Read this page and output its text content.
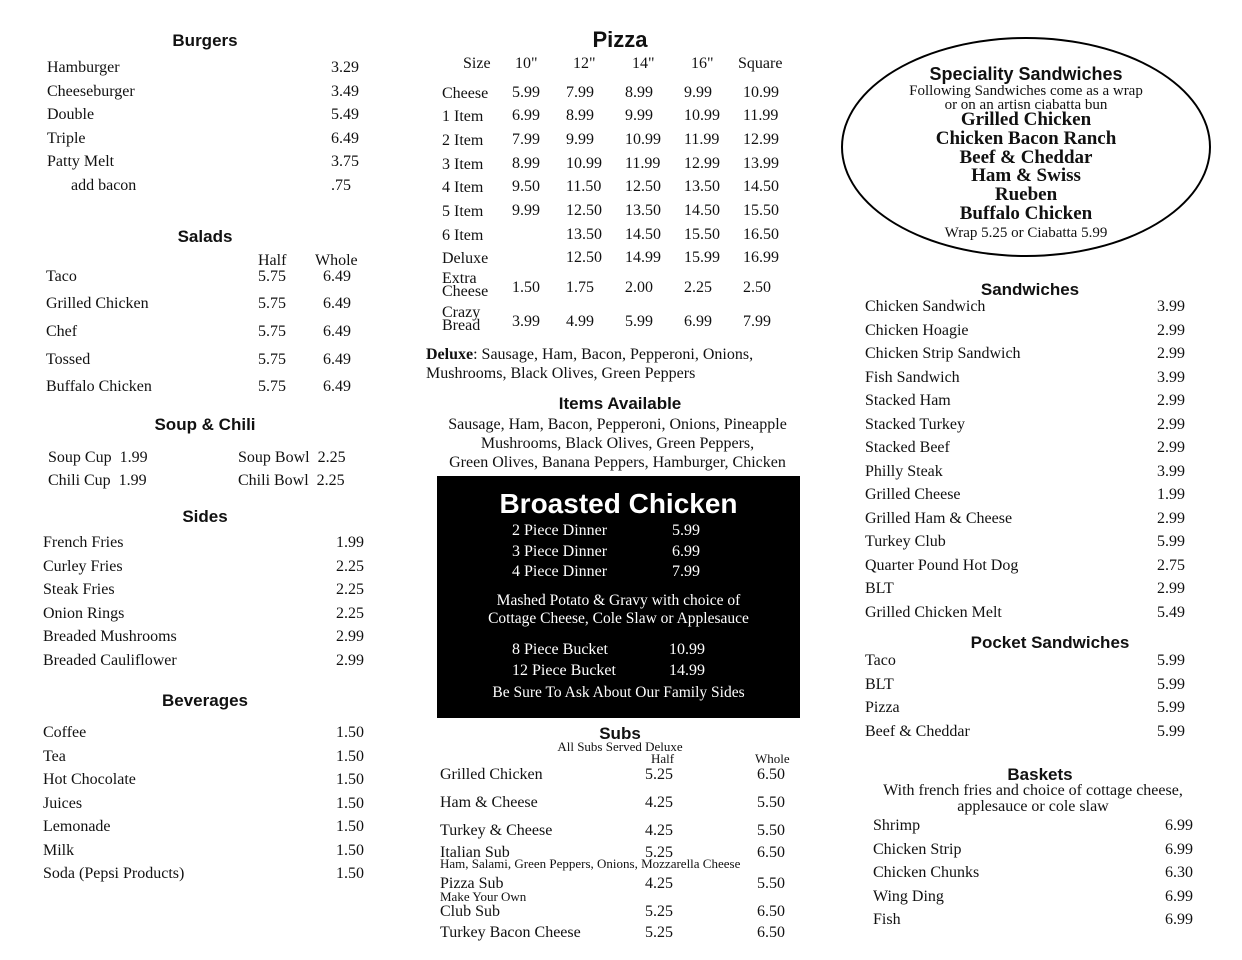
Burgers
Hamburger	3.29
Cheeseburger	3.49
Double	5.49
Triple	6.49
Patty Melt	3.75
add bacon	.75
Salads
Half Whole
Taco	5.75 6.49
Grilled Chicken	5.75 6.49
Chef	5.75 6.49
Tossed	5.75 6.49
Buffalo Chicken	5.75 6.49
Soup & Chili
Soup Cup  1.99	Soup Bowl  2.25
Chili Cup  1.99	Chili Bowl  2.25
Sides
French Fries	1.99
Curley Fries	2.25
Steak Fries	2.25
Onion Rings	2.25
Breaded Mushrooms	2.99
Breaded Cauliflower	2.99
Beverages
Coffee	1.50
Tea	1.50
Hot Chocolate	1.50
Juices	1.50
Lemonade	1.50
Milk	1.50
Soda (Pepsi Products)	1.50
Pizza
Size 10" 12" 14" 16" Square
Cheese 5.99 7.99 8.99 9.99 10.99
1 Item 6.99 8.99 9.99 10.99 11.99
2 Item 7.99 9.99 10.99 11.99 12.99
3 Item 8.99 10.99 11.99 12.99 13.99
4 Item 9.50 11.50 12.50 13.50 14.50
5 Item 9.99 12.50 13.50 14.50 15.50
6 Item	13.50 14.50 15.50 16.50
Deluxe	12.50 14.99 15.99 16.99
Extra
Cheese 1.50 1.75 2.00 2.25 2.50
Crazy
Bread 3.99 4.99 5.99 6.99 7.99
Deluxe: Sausage, Ham, Bacon, Pepperoni, Onions,
Mushrooms, Black Olives, Green Peppers
Items Available
Sausage, Ham, Bacon, Pepperoni, Onions, Pineapple
Mushrooms, Black Olives, Green Peppers,
Green Olives, Banana Peppers, Hamburger, Chicken
Broasted Chicken
2 Piece Dinner	5.99
3 Piece Dinner	6.99
4 Piece Dinner	7.99
Mashed Potato & Gravy with choice of
Cottage Cheese, Cole Slaw or Applesauce
8 Piece Bucket	10.99
12 Piece Bucket	14.99
Be Sure To Ask About Our Family Sides
Subs
All Subs Served Deluxe
Half	Whole
Grilled Chicken	5.25	6.50
Ham & Cheese	4.25	5.50
Turkey & Cheese	4.25	5.50
Italian Sub	5.25	6.50
Pizza Sub	4.25	5.50
Club Sub	5.25	6.50
Turkey Bacon Cheese	5.25	6.50
Ham, Salami, Green Peppers, Onions, Mozzarella Cheese
Make Your Own
Speciality Sandwiches
Following Sandwiches come as a wrap
or on an artisn ciabatta bun
Grilled Chicken
Chicken Bacon Ranch
Beef & Cheddar
Ham & Swiss
Rueben
Buffalo Chicken
Wrap 5.25 or Ciabatta 5.99
Sandwiches
Chicken Sandwich	3.99
Chicken Hoagie	2.99
Chicken Strip Sandwich	2.99
Fish Sandwich	3.99
Stacked Ham	2.99
Stacked Turkey	2.99
Stacked Beef	2.99
Philly Steak	3.99
Grilled Cheese	1.99
Grilled Ham & Cheese	2.99
Turkey Club	5.99
Quarter Pound Hot Dog	2.75
BLT	2.99
Grilled Chicken Melt	5.49
Pocket Sandwiches
Taco	5.99
BLT	5.99
Pizza	5.99
Beef & Cheddar	5.99
Baskets
With french fries and choice of cottage cheese,
applesauce or cole slaw
Shrimp	6.99
Chicken Strip	6.99
Chicken Chunks	6.30
Wing Ding	6.99
Fish	6.99
